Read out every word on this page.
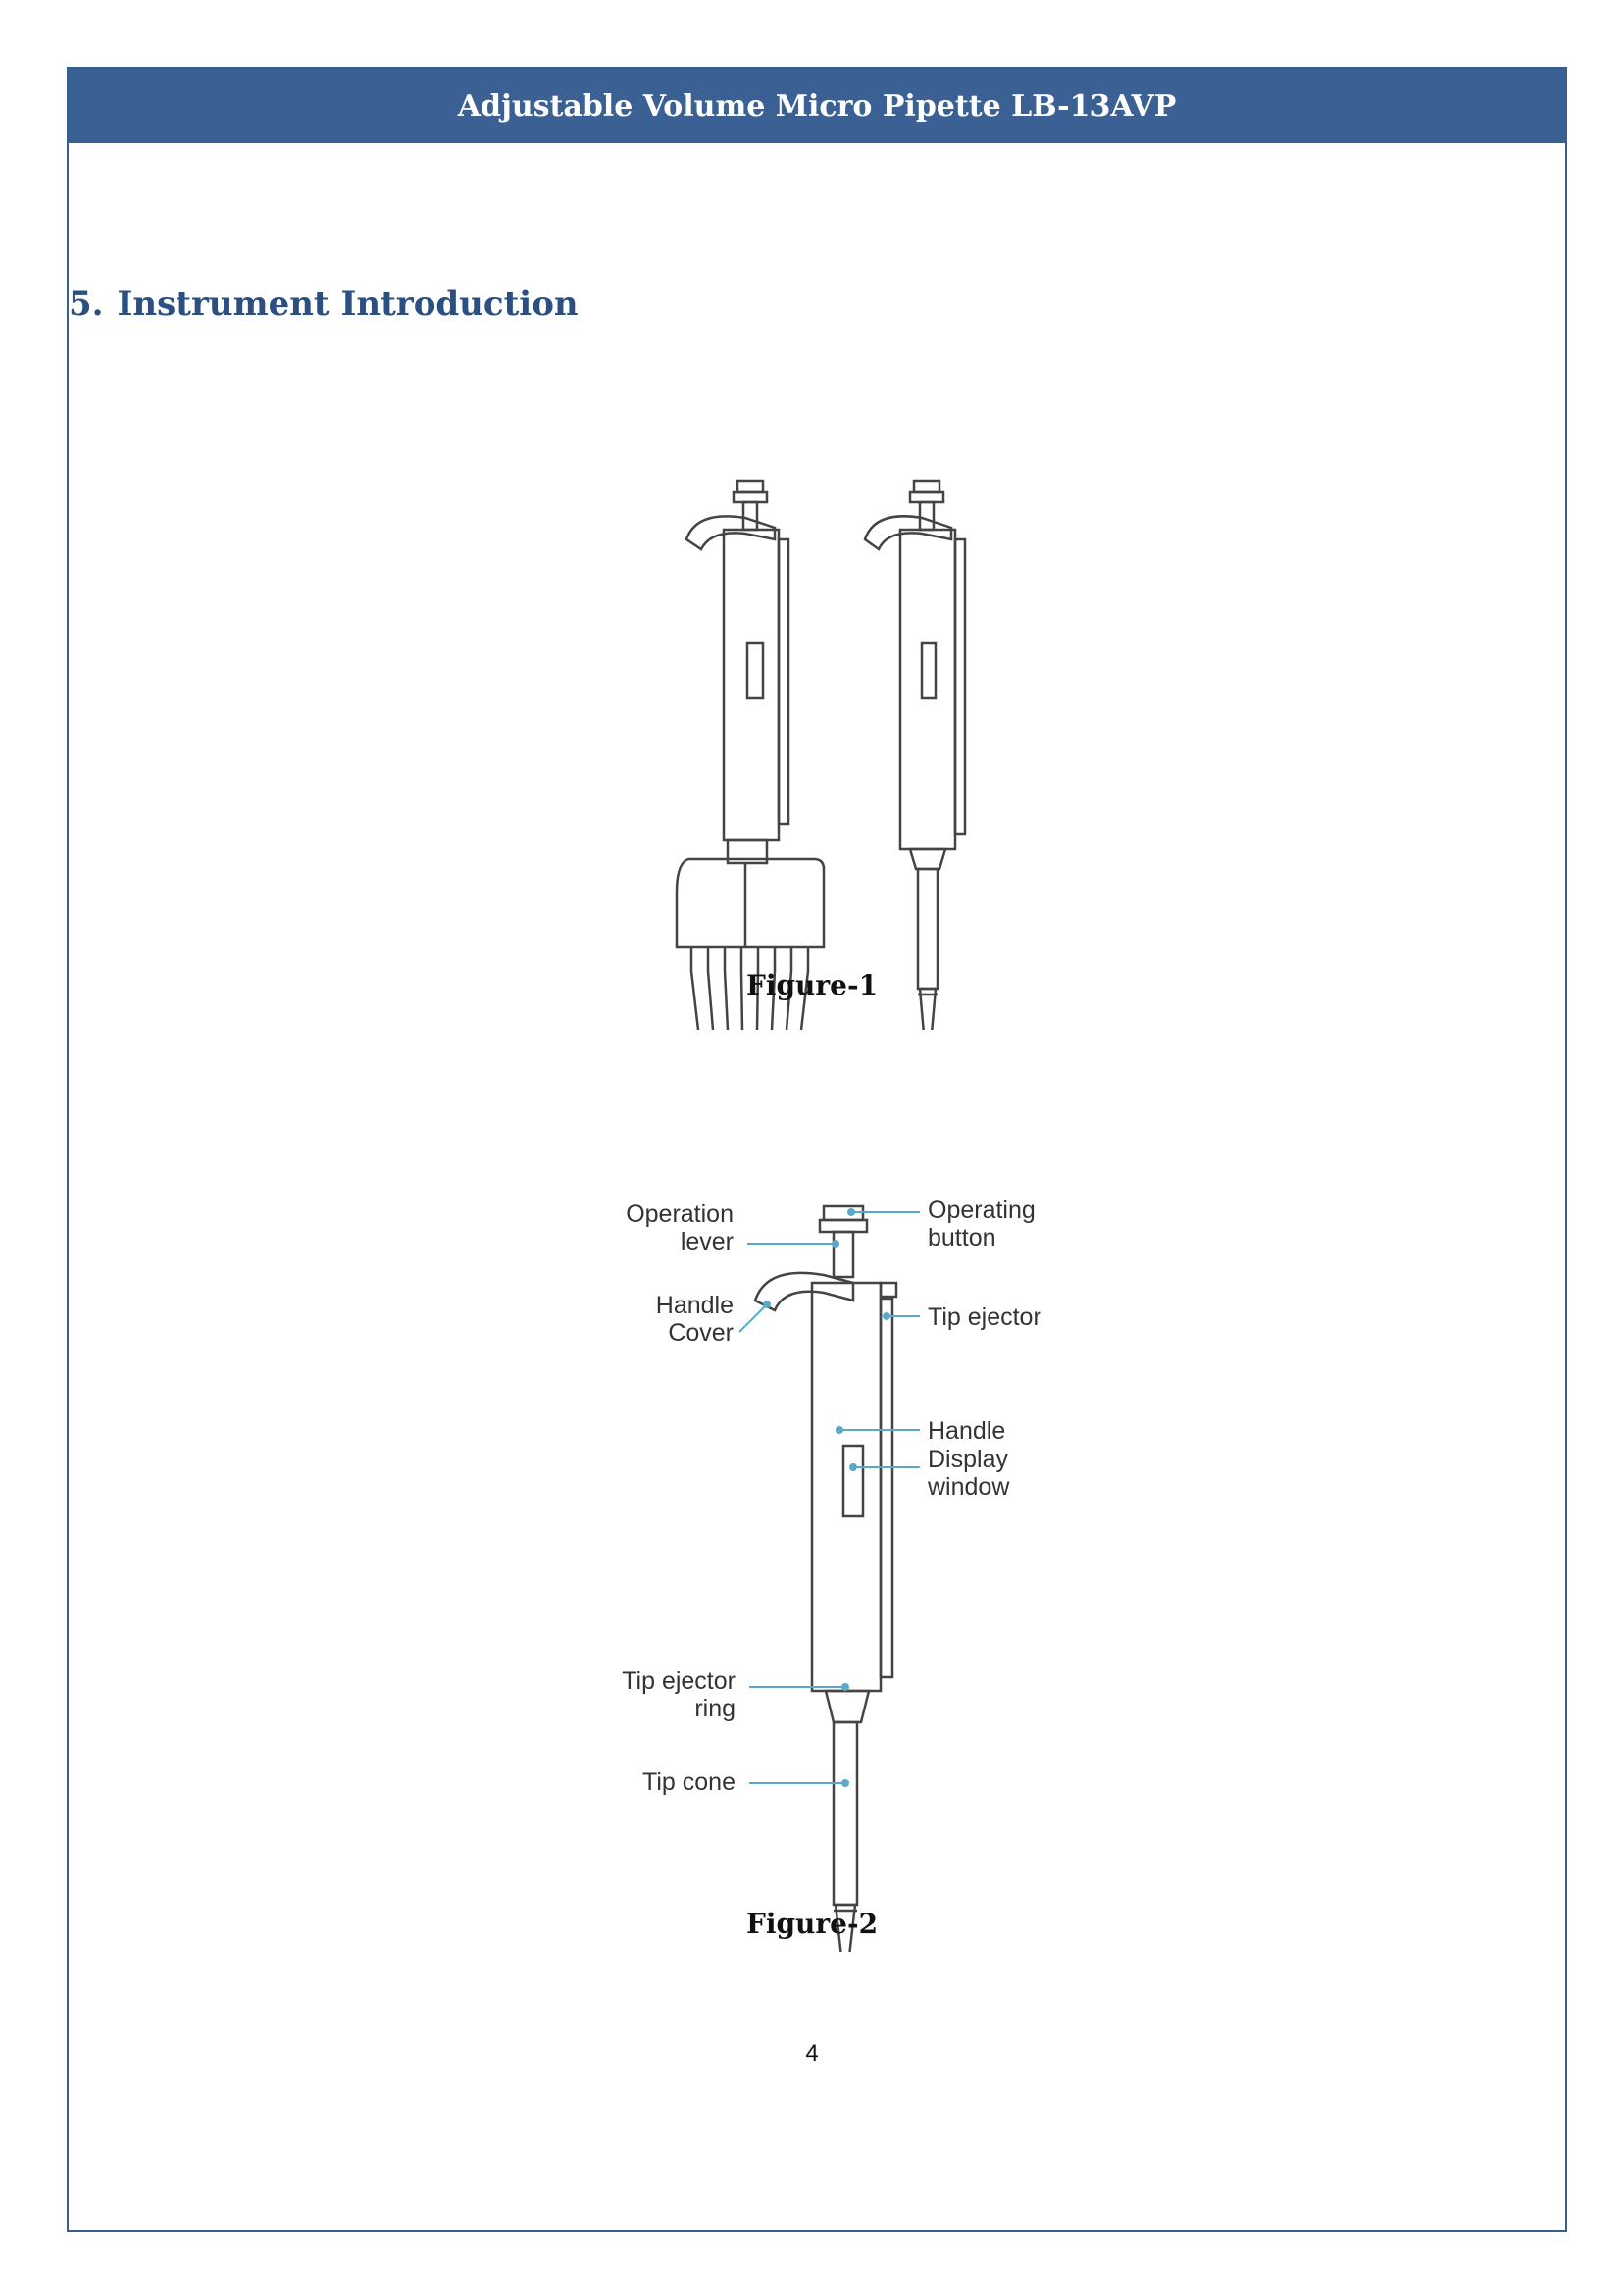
Adjustable Volume Micro Pipette LB-13AVP
5. Instrument Introduction
Figure-1
Operation
lever
Handle
Cover
Operating
button
Tip ejector
Handle
Display
window
Tip ejector
ring
Tip cone
Figure-2
4
